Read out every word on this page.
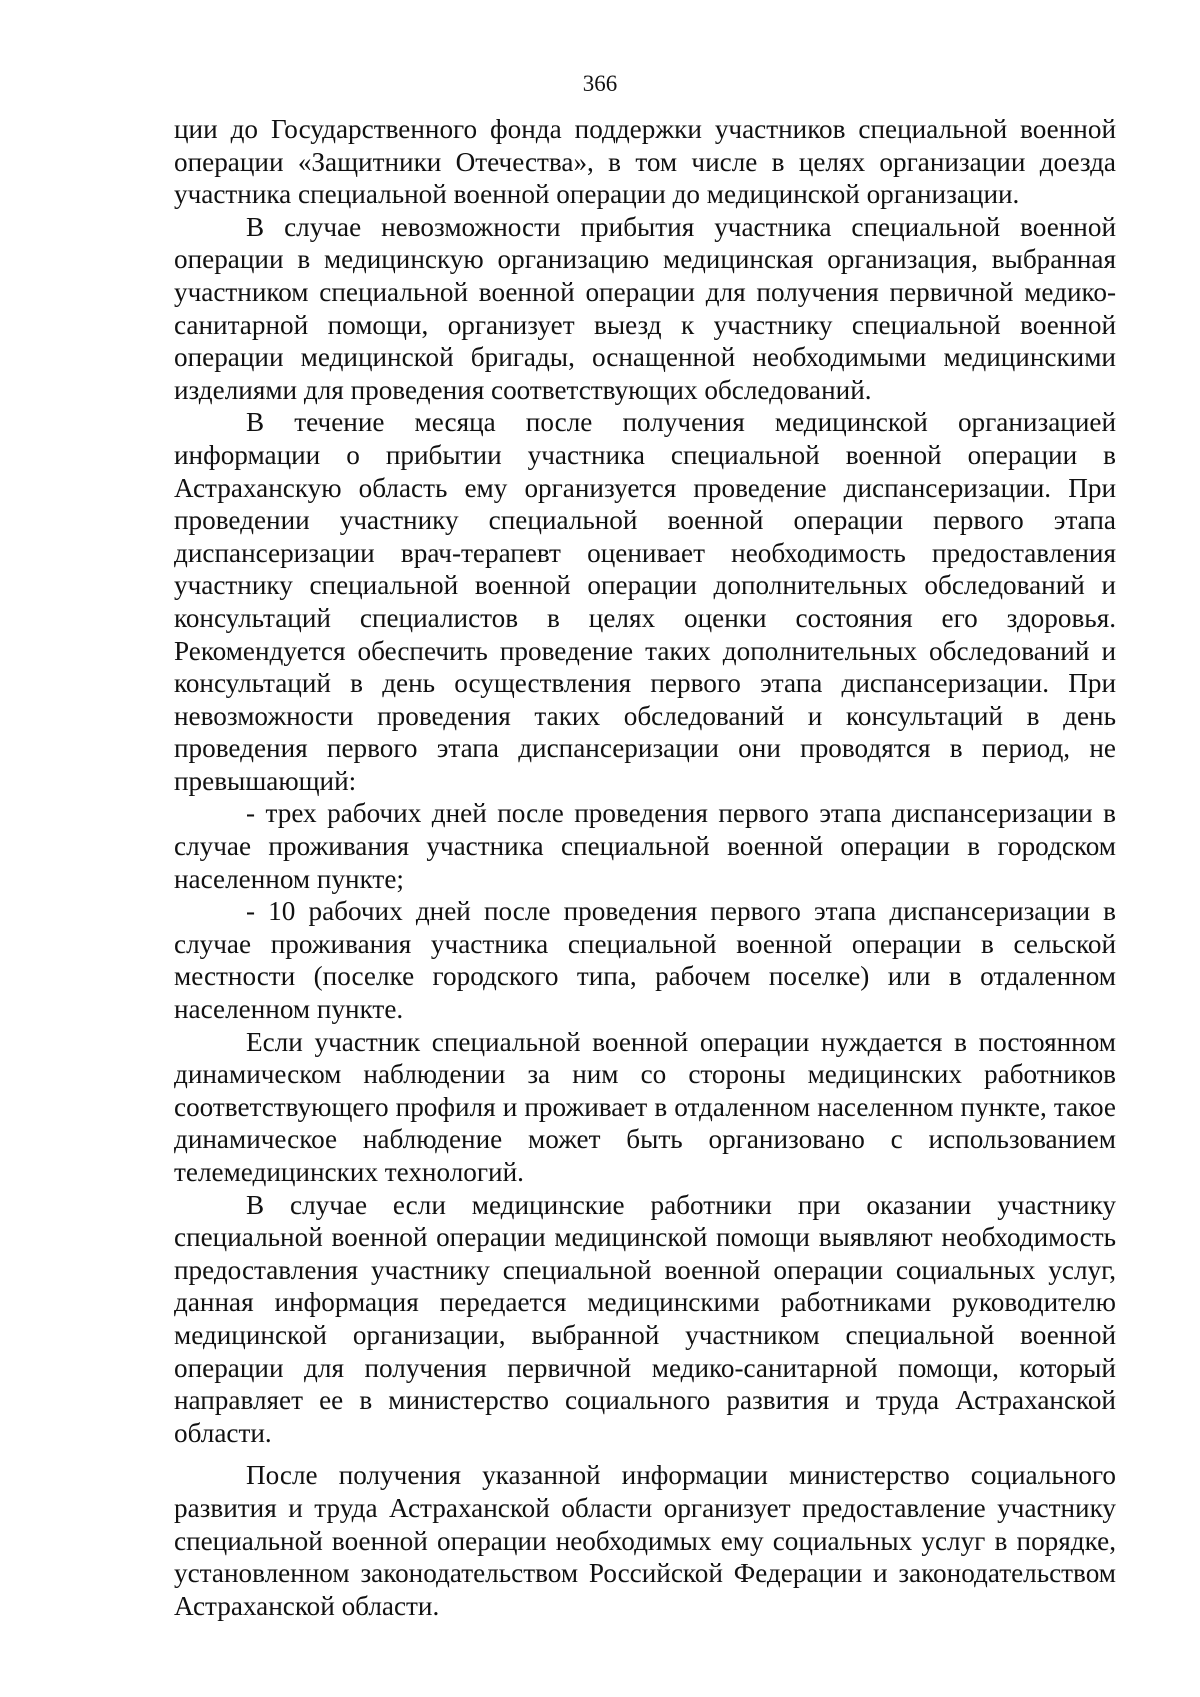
366

ции до Государственного фонда поддержки участников специальной военной операции «Защитники Отечества», в том числе в целях организации доезда участника специальной военной операции до медицинской организации.

В случае невозможности прибытия участника специальной военной операции в медицинскую организацию медицинская организация, выбранная участником специальной военной операции для получения первичной медико-санитарной помощи, организует выезд к участнику специальной военной операции медицинской бригады, оснащенной необходимыми медицинскими изделиями для проведения соответствующих обследований.

В течение месяца после получения медицинской организацией информации о прибытии участника специальной военной операции в Астраханскую область ему организуется проведение диспансеризации. При проведении участнику специальной военной операции первого этапа диспансеризации врач-терапевт оценивает необходимость предоставления участнику специальной военной операции дополнительных обследований и консультаций специалистов в целях оценки состояния его здоровья. Рекомендуется обеспечить проведение таких дополнительных обследований и консультаций в день осуществления первого этапа диспансеризации. При невозможности проведения таких обследований и консультаций в день проведения первого этапа диспансеризации они проводятся в период, не превышающий:

- трех рабочих дней после проведения первого этапа диспансеризации в случае проживания участника специальной военной операции в городском населенном пункте;

- 10 рабочих дней после проведения первого этапа диспансеризации в случае проживания участника специальной военной операции в сельской местности (поселке городского типа, рабочем поселке) или в отдаленном населенном пункте.

Если участник специальной военной операции нуждается в постоянном динамическом наблюдении за ним со стороны медицинских работников соответствующего профиля и проживает в отдаленном населенном пункте, такое динамическое наблюдение может быть организовано с использованием телемедицинских технологий.

В случае если медицинские работники при оказании участнику специальной военной операции медицинской помощи выявляют необходимость предоставления участнику специальной военной операции социальных услуг, данная информация передается медицинскими работниками руководителю медицинской организации, выбранной участником специальной военной операции для получения первичной медико-санитарной помощи, который направляет ее в министерство социального развития и труда Астраханской области.

После получения указанной информации министерство социального развития и труда Астраханской области организует предоставление участнику специальной военной операции необходимых ему социальных услуг в порядке, установленном законодательством Российской Федерации и законодательством Астраханской области.
